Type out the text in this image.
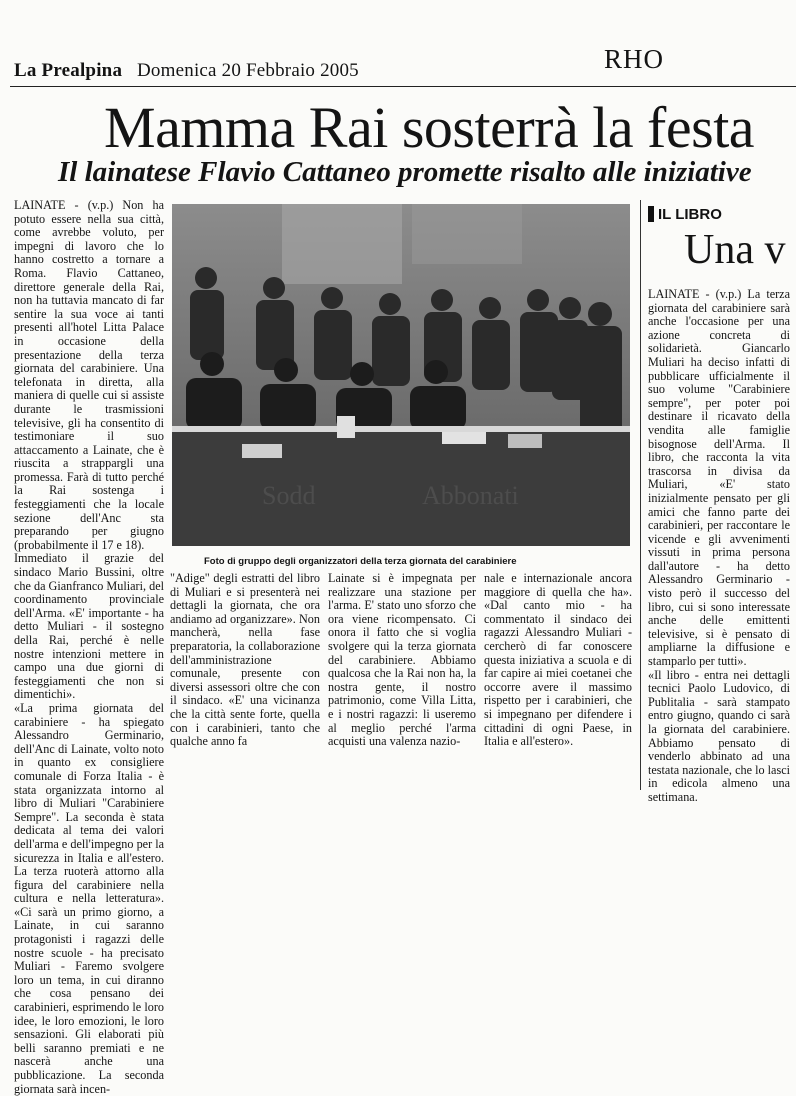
La Prealpina Domenica 20 Febbraio 2005	RHO
Mamma Rai sosterrà la festa
Il lainatese Flavio Cattaneo promette risalto alle iniziative
LAINATE - (v.p.) Non ha potuto essere nella sua città, come avrebbe voluto, per impegni di lavoro che lo hanno costretto a tornare a Roma. Flavio Cattaneo, direttore generale della Rai, non ha tuttavia mancato di far sentire la sua voce ai tanti presenti all'hotel Litta Palace in occasione della presentazione della terza giornata del carabiniere. Una telefonata in diretta, alla maniera di quelle cui si assiste durante le trasmissioni televisive, gli ha consentito di testimoniare il suo attaccamento a Lainate, che è riuscita a strappargli una promessa. Farà di tutto perché la Rai sostenga i festeggiamenti che la locale sezione dell'Anc sta preparando per giugno (probabilmente il 17 e 18).
Immediato il grazie del sindaco Mario Bussini, oltre che da Gianfranco Muliari, del coordinamento provinciale dell'Arma. «E' importante - ha detto Muliari - il sostegno della Rai, perché è nelle nostre intenzioni mettere in campo una due giorni di festeggiamenti che non si dimentichi».
«La prima giornata del carabiniere - ha spiegato Alessandro Germinario, dell'Anc di Lainate, volto noto in quanto ex consigliere comunale di Forza Italia - è stata organizzata intorno al libro di Muliari "Carabiniere Sempre". La seconda è stata dedicata al tema dei valori dell'arma e dell'impegno per la sicurezza in Italia e all'estero. La terza ruoterà attorno alla figura del carabiniere nella cultura e nella letteratura». «Ci sarà un primo giorno, a Lainate, in cui saranno protagonisti i ragazzi delle nostre scuole - ha precisato Muliari - Faremo svolgere loro un tema, in cui diranno che cosa pensano dei carabinieri, esprimendo le loro idee, le loro emozioni, le loro sensazioni. Gli elaborati più belli saranno premiati e ne nascerà anche una pubblicazione. La seconda giornata sarà incen-
Sodd	Abbonati
Foto di gruppo degli organizzatori della terza giornata del carabiniere
"Adige" degli estratti del libro di Muliari e si presenterà nei dettagli la giornata, che ora andiamo ad organizzare». Non mancherà, nella fase preparatoria, la collaborazione dell'amministrazione comunale, presente con diversi assessori oltre che con il sindaco. «E' una vicinanza che la città sente forte, quella con i carabinieri, tanto che qualche anno fa
Lainate si è impegnata per realizzare una stazione per l'arma. E' stato uno sforzo che ora viene ricompensato. Ci onora il fatto che si voglia svolgere qui la terza giornata del carabiniere. Abbiamo qualcosa che la Rai non ha, la nostra gente, il nostro patrimonio, come Villa Litta, e i nostri ragazzi: li useremo al meglio perché l'arma acquisti una valenza nazio-
nale e internazionale ancora maggiore di quella che ha». «Dal canto mio - ha commentato il sindaco dei ragazzi Alessandro Muliari - cercherò di far conoscere questa iniziativa a scuola e di far capire ai miei coetanei che occorre avere il massimo rispetto per i carabinieri, che si impegnano per difendere i cittadini di ogni Paese, in Italia e all'estero».
IL LIBRO
Una v
LAINATE - (v.p.) La terza giornata del carabiniere sarà anche l'occasione per una azione concreta di solidarietà. Giancarlo Muliari ha deciso infatti di pubblicare ufficialmente il suo volume "Carabiniere sempre", per poter poi destinare il ricavato della vendita alle famiglie bisognose dell'Arma. Il libro, che racconta la vita trascorsa in divisa da Muliari, «E' stato inizialmente pensato per gli amici che fanno parte dei carabinieri, per raccontare le vicende e gli avvenimenti vissuti in prima persona dall'autore - ha detto Alessandro Germinario - visto però il successo del libro, cui si sono interessate anche delle emittenti televisive, si è pensato di ampliarne la diffusione e stamparlo per tutti».
«Il libro - entra nei dettagli tecnici Paolo Ludovico, di Publitalia - sarà stampato entro giugno, quando ci sarà la giornata del carabiniere. Abbiamo pensato di venderlo abbinato ad una testata nazionale, che lo lasci in edicola almeno una settimana.
